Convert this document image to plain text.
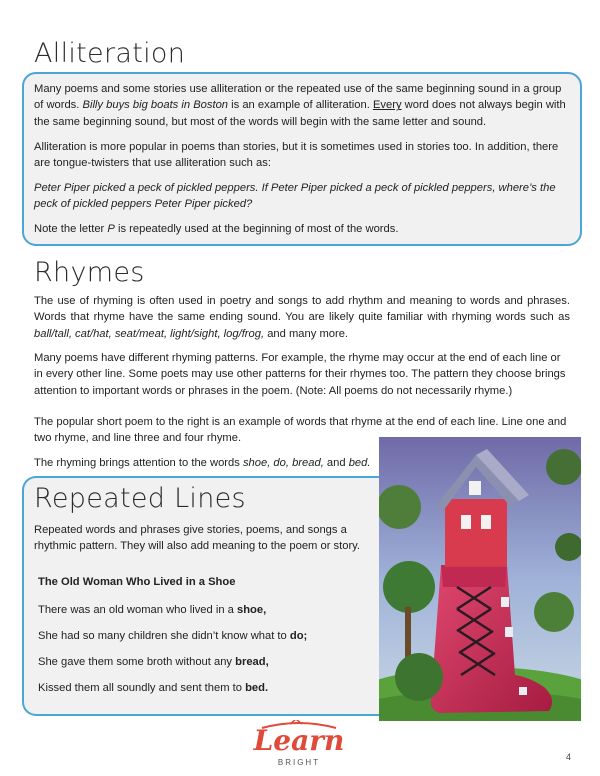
Alliteration
Many poems and some stories use alliteration or the repeated use of the same beginning sound in a group of words. Billy buys big boats in Boston is an example of alliteration. Every word does not always begin with the same beginning sound, but most of the words will begin with the same letter and sound.
Alliteration is more popular in poems than stories, but it is sometimes used in stories too. In addition, there are tongue-twisters that use alliteration such as:
Peter Piper picked a peck of pickled peppers. If Peter Piper picked a peck of pickled peppers, where’s the peck of pickled peppers Peter Piper picked?
Note the letter P is repeatedly used at the beginning of most of the words.
Rhymes
The use of rhyming is often used in poetry and songs to add rhythm and meaning to words and phrases. Words that rhyme have the same ending sound. You are likely quite familiar with rhyming words such as ball/tall, cat/hat, seat/meat, light/sight, log/frog, and many more.
Many poems have different rhyming patterns. For example, the rhyme may occur at the end of each line or in every other line. Some poets may use other patterns for their rhymes too. The pattern they choose brings attention to important words or phrases in the poem. (Note: All poems do not necessarily rhyme.)
The popular short poem to the right is an example of words that rhyme at the end of each line. Line one and two rhyme, and line three and four rhyme.
The rhyming brings attention to the words shoe, do, bread, and bed.
Repeated Lines
Repeated words and phrases give stories, poems, and songs a rhythmic pattern. They will also add meaning to the poem or story.
The Old Woman Who Lived in a Shoe
There was an old woman who lived in a shoe,
She had so many children she didn’t know what to do;
She gave them some broth without any bread,
Kissed them all soundly and sent them to bed.
Learn
BRIGHT
4
